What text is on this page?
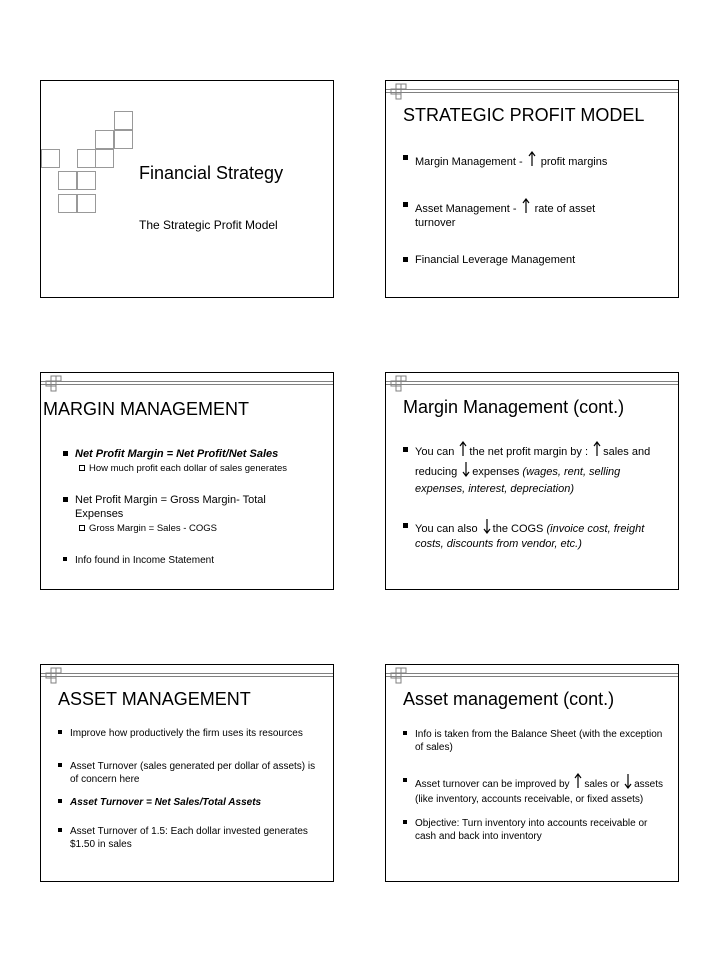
Financial Strategy
The Strategic Profit Model
STRATEGIC PROFIT MODEL
Margin Management - profit margins
Asset Management - rate of asset
turnover
Financial Leverage Management
MARGIN MANAGEMENT
Net Profit Margin = Net Profit/Net Sales
How much profit each dollar of sales generates
Net Profit Margin = Gross Margin- Total
Expenses
Gross Margin = Sales - COGS
Info found in Income Statement
Margin Management (cont.)
You can the net profit margin by : sales and
reducing expenses (wages, rent, selling
expenses, interest, depreciation)
You can also the COGS (invoice cost, freight
costs, discounts from vendor, etc.)
ASSET MANAGEMENT
Improve how productively the firm uses its resources
Asset Turnover (sales generated per dollar of assets) is
of concern here
Asset Turnover = Net Sales/Total Assets
Asset Turnover of 1.5: Each dollar invested generates
$1.50 in sales
Asset management (cont.)
Info is taken from the Balance Sheet (with the exception
of sales)
Asset turnover can be improved by sales or assets
(like inventory, accounts receivable, or fixed assets)
Objective: Turn inventory into accounts receivable or
cash and back into inventory
